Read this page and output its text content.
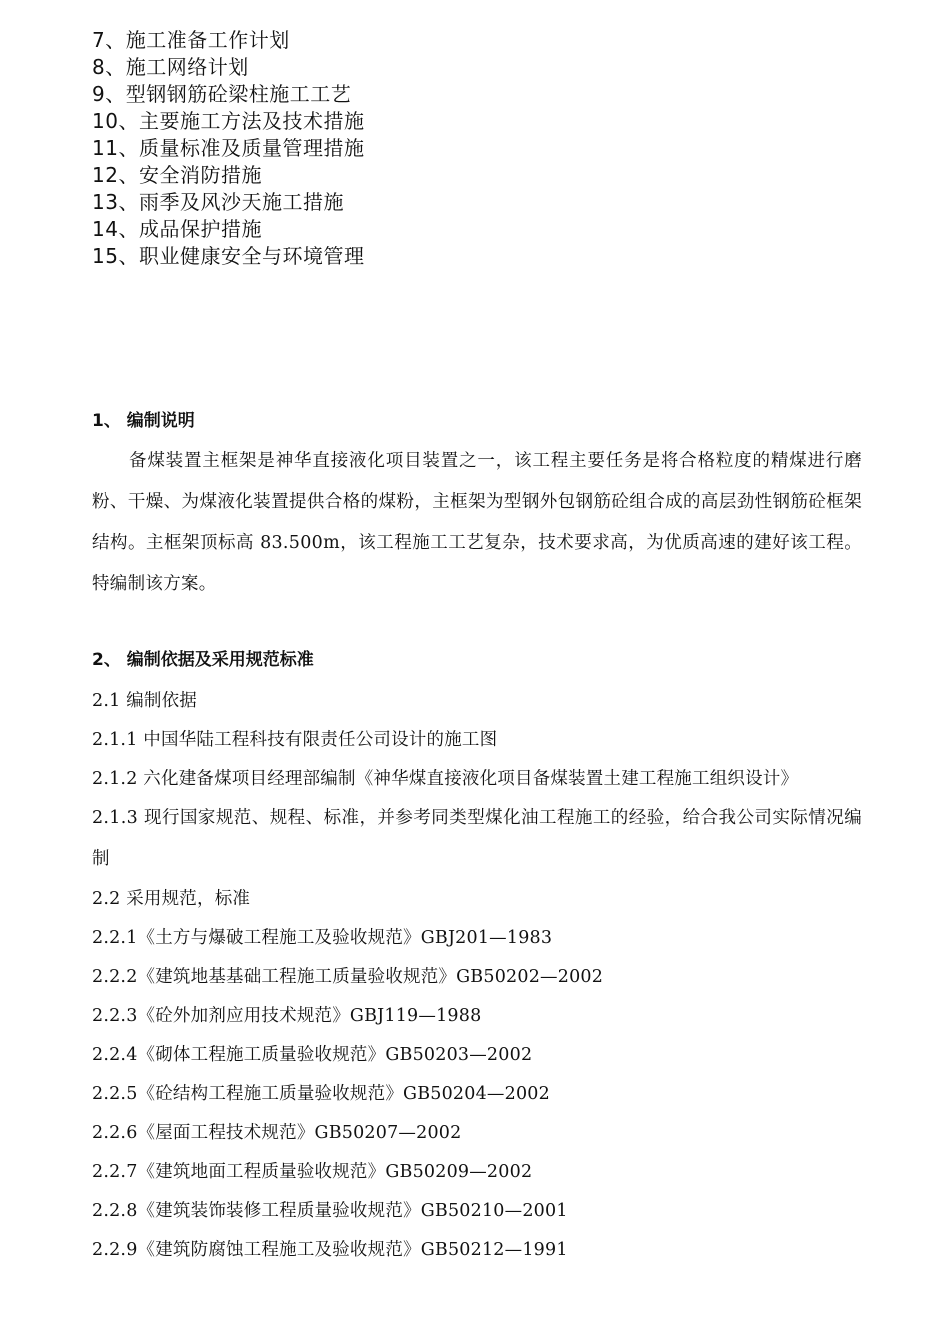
7、施工准备工作计划
8、施工网络计划
9、型钢钢筋砼梁柱施工工艺
10、主要施工方法及技术措施
11、质量标准及质量管理措施
12、安全消防措施
13、雨季及风沙天施工措施
14、成品保护措施
15、职业健康安全与环境管理
1、 编制说明
备煤装置主框架是神华直接液化项目装置之一，该工程主要任务是将合格粒度的精煤进行磨粉、干燥、为煤液化装置提供合格的煤粉，主框架为型钢外包钢筋砼组合成的高层劲性钢筋砼框架结构。主框架顶标高 83.500m，该工程施工工艺复杂，技术要求高，为优质高速的建好该工程。特编制该方案。
2、 编制依据及采用规范标准
2.1 编制依据
2.1.1 中国华陆工程科技有限责任公司设计的施工图
2.1.2 六化建备煤项目经理部编制《神华煤直接液化项目备煤装置土建工程施工组织设计》
2.1.3 现行国家规范、规程、标准，并参考同类型煤化油工程施工的经验，给合我公司实际情况编制
2.2 采用规范，标准
2.2.1《土方与爆破工程施工及验收规范》GBJ201—1983
2.2.2《建筑地基基础工程施工质量验收规范》GB50202—2002
2.2.3《砼外加剂应用技术规范》GBJ119—1988
2.2.4《砌体工程施工质量验收规范》GB50203—2002
2.2.5《砼结构工程施工质量验收规范》GB50204—2002
2.2.6《屋面工程技术规范》GB50207—2002
2.2.7《建筑地面工程质量验收规范》GB50209—2002
2.2.8《建筑装饰装修工程质量验收规范》GB50210—2001
2.2.9《建筑防腐蚀工程施工及验收规范》GB50212—1991
